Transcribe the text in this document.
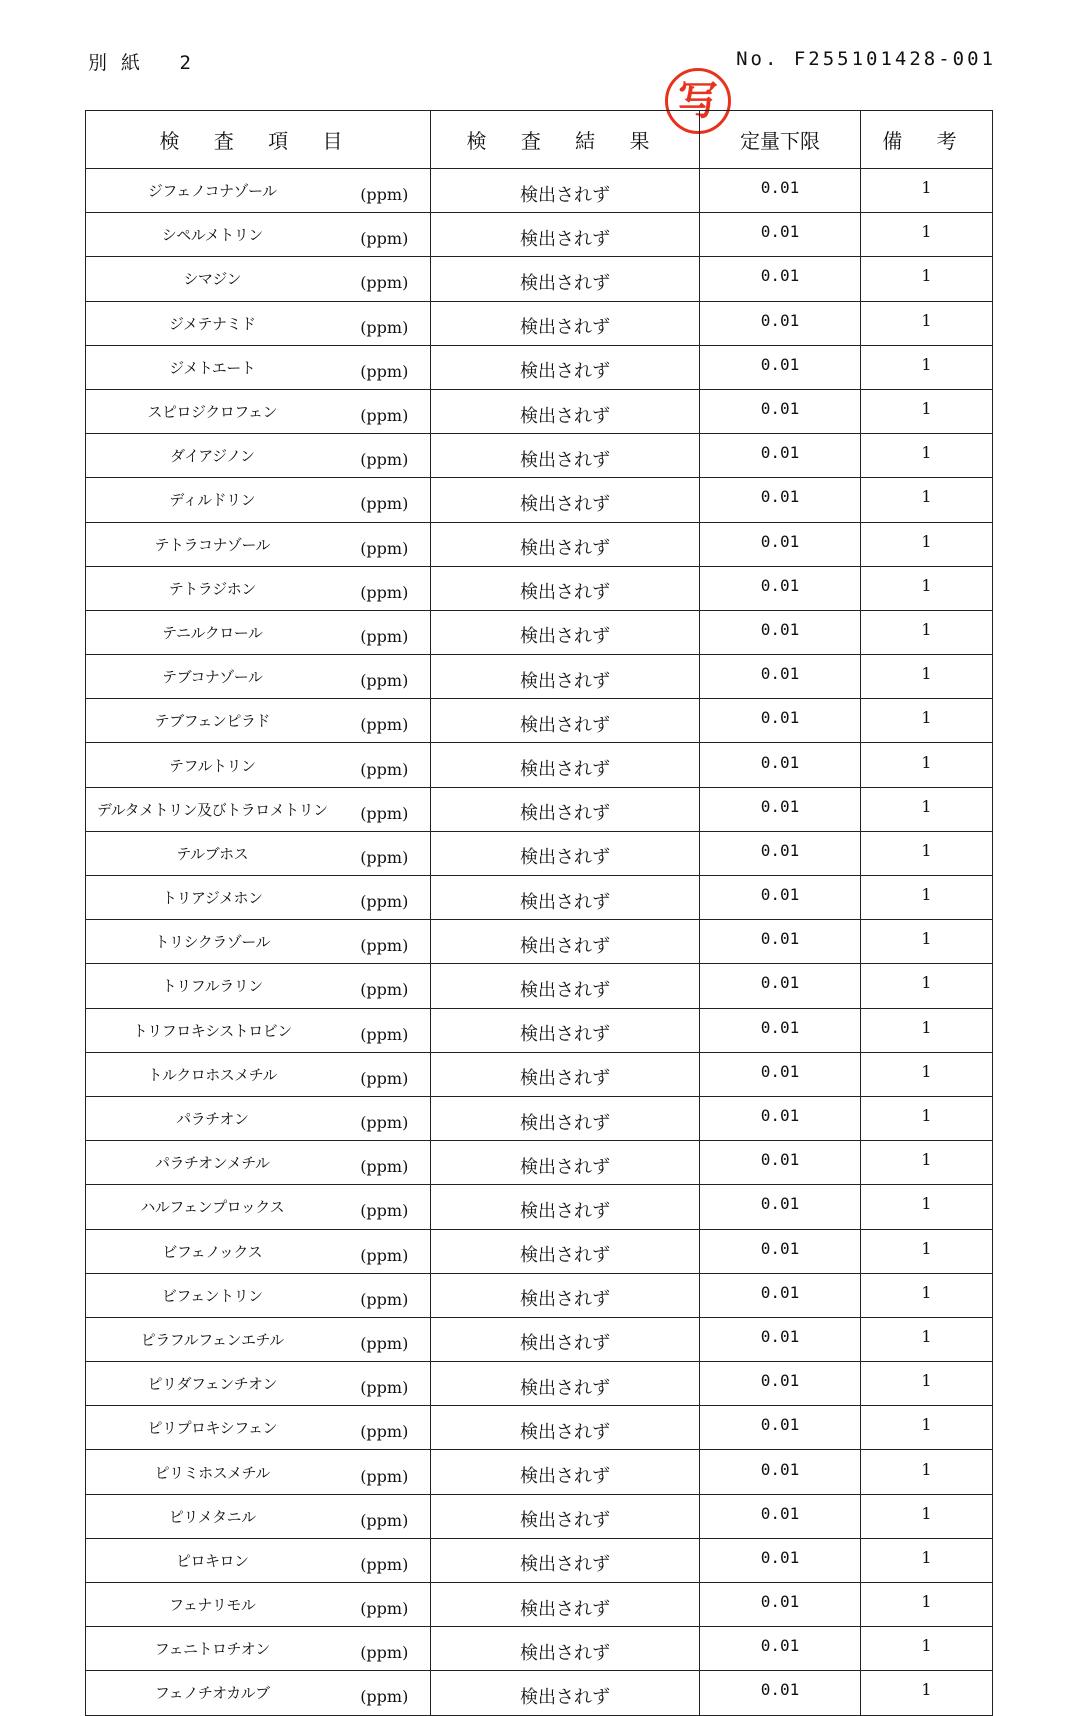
別紙 2	No. F255101428-001
写
検 査 項 目		検 査 結 果	定量下限	備 考
ジフェノコナゾール	(ppm)	検出されず	0.01	1
シペルメトリン	(ppm)	検出されず	0.01	1
シマジン	(ppm)	検出されず	0.01	1
ジメテナミド	(ppm)	検出されず	0.01	1
ジメトエート	(ppm)	検出されず	0.01	1
スピロジクロフェン	(ppm)	検出されず	0.01	1
ダイアジノン	(ppm)	検出されず	0.01	1
ディルドリン	(ppm)	検出されず	0.01	1
テトラコナゾール	(ppm)	検出されず	0.01	1
テトラジホン	(ppm)	検出されず	0.01	1
テニルクロール	(ppm)	検出されず	0.01	1
テブコナゾール	(ppm)	検出されず	0.01	1
テブフェンピラド	(ppm)	検出されず	0.01	1
テフルトリン	(ppm)	検出されず	0.01	1
デルタメトリン及びトラロメトリン	(ppm)	検出されず	0.01	1
テルブホス	(ppm)	検出されず	0.01	1
トリアジメホン	(ppm)	検出されず	0.01	1
トリシクラゾール	(ppm)	検出されず	0.01	1
トリフルラリン	(ppm)	検出されず	0.01	1
トリフロキシストロビン	(ppm)	検出されず	0.01	1
トルクロホスメチル	(ppm)	検出されず	0.01	1
パラチオン	(ppm)	検出されず	0.01	1
パラチオンメチル	(ppm)	検出されず	0.01	1
ハルフェンプロックス	(ppm)	検出されず	0.01	1
ビフェノックス	(ppm)	検出されず	0.01	1
ビフェントリン	(ppm)	検出されず	0.01	1
ピラフルフェンエチル	(ppm)	検出されず	0.01	1
ピリダフェンチオン	(ppm)	検出されず	0.01	1
ピリプロキシフェン	(ppm)	検出されず	0.01	1
ピリミホスメチル	(ppm)	検出されず	0.01	1
ピリメタニル	(ppm)	検出されず	0.01	1
ピロキロン	(ppm)	検出されず	0.01	1
フェナリモル	(ppm)	検出されず	0.01	1
フェニトロチオン	(ppm)	検出されず	0.01	1
フェノチオカルブ	(ppm)	検出されず	0.01	1
